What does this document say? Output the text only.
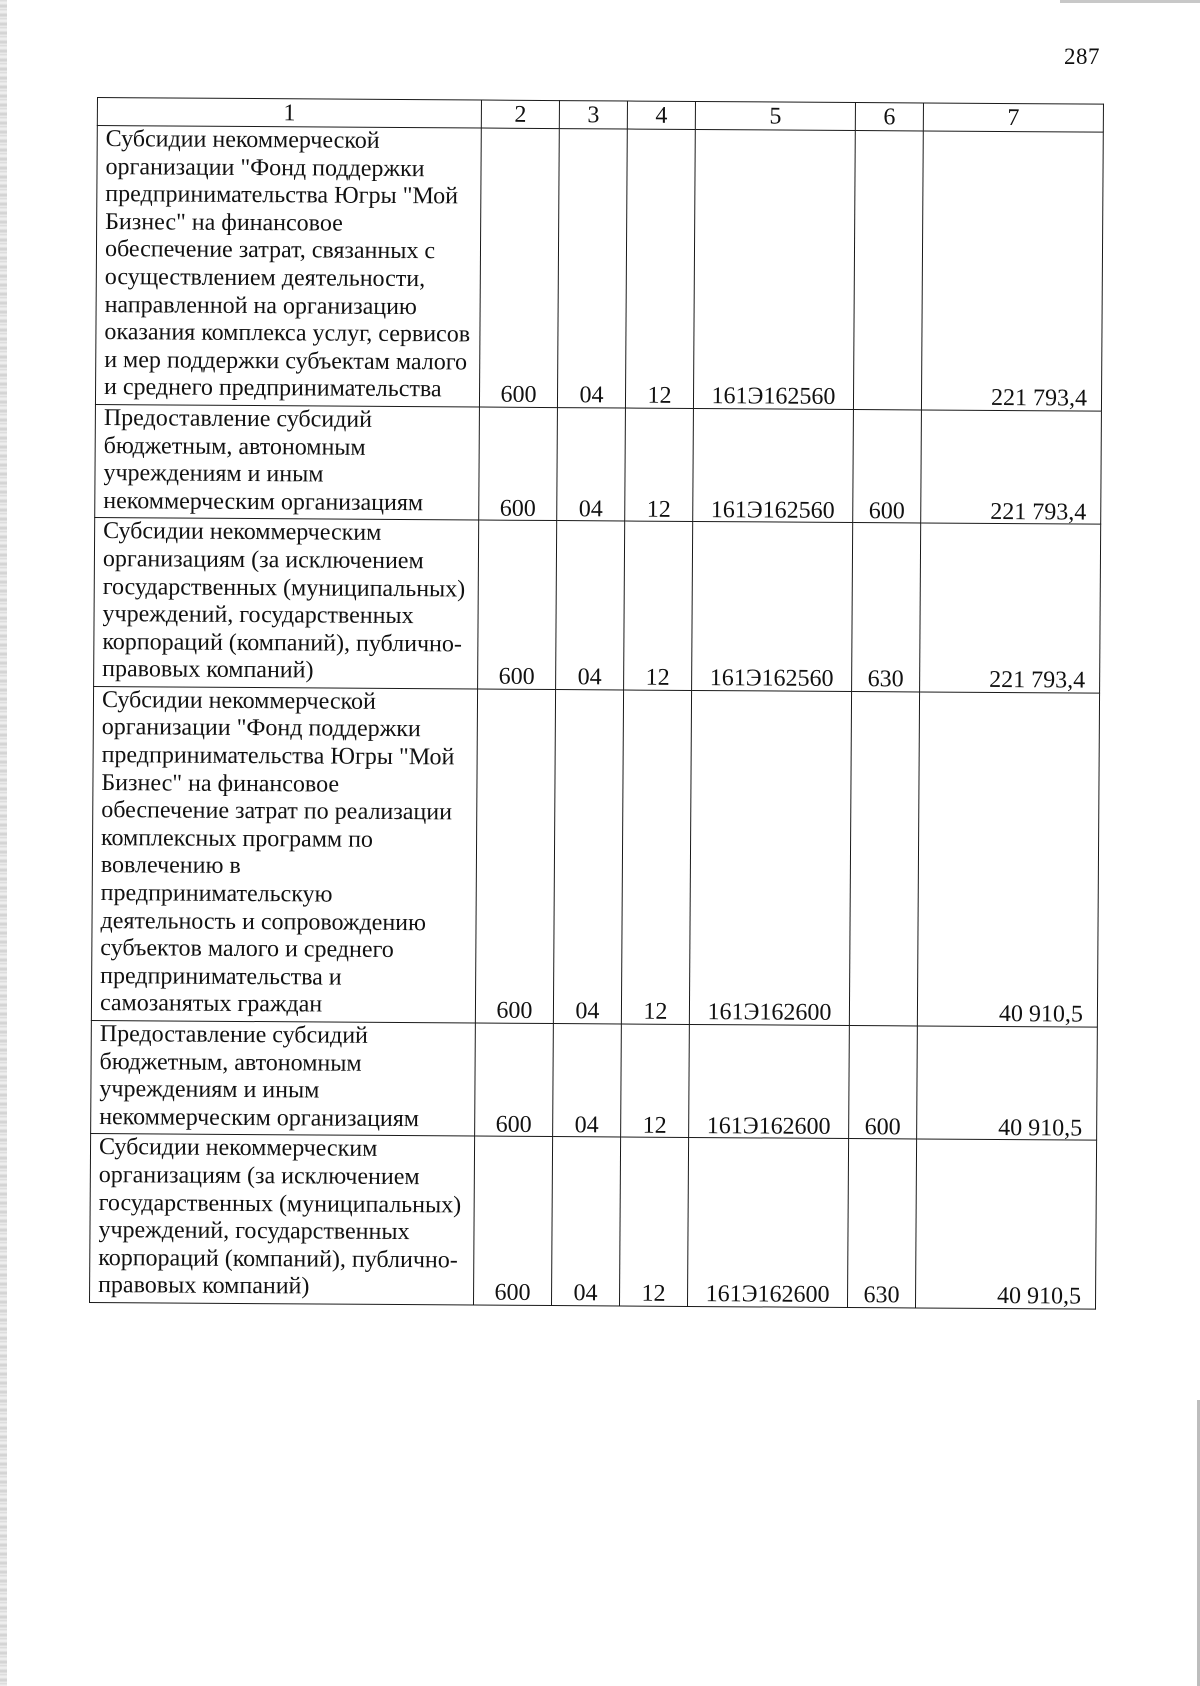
287
1	2	3	4	5	6	7
Субсидии некоммерческой организации "Фонд поддержки предпринимательства Югры "Мой Бизнес" на финансовое обеспечение затрат, связанных с осуществлением деятельности, направленной на организацию оказания комплекса услуг, сервисов и мер поддержки субъектам малого и среднего предпринимательства	600	04	12	161Э162560		221 793,4
Предоставление субсидий бюджетным, автономным учреждениям и иным некоммерческим организациям	600	04	12	161Э162560	600	221 793,4
Субсидии некоммерческим организациям (за исключением государственных (муниципальных) учреждений, государственных корпораций (компаний), публично-правовых компаний)	600	04	12	161Э162560	630	221 793,4
Субсидии некоммерческой организации "Фонд поддержки предпринимательства Югры "Мой Бизнес" на финансовое обеспечение затрат по реализации комплексных программ по вовлечению в предпринимательскую деятельность и сопровождению субъектов малого и среднего предпринимательства и самозанятых граждан	600	04	12	161Э162600		40 910,5
Предоставление субсидий бюджетным, автономным учреждениям и иным некоммерческим организациям	600	04	12	161Э162600	600	40 910,5
Субсидии некоммерческим организациям (за исключением государственных (муниципальных) учреждений, государственных корпораций (компаний), публично-правовых компаний)	600	04	12	161Э162600	630	40 910,5
